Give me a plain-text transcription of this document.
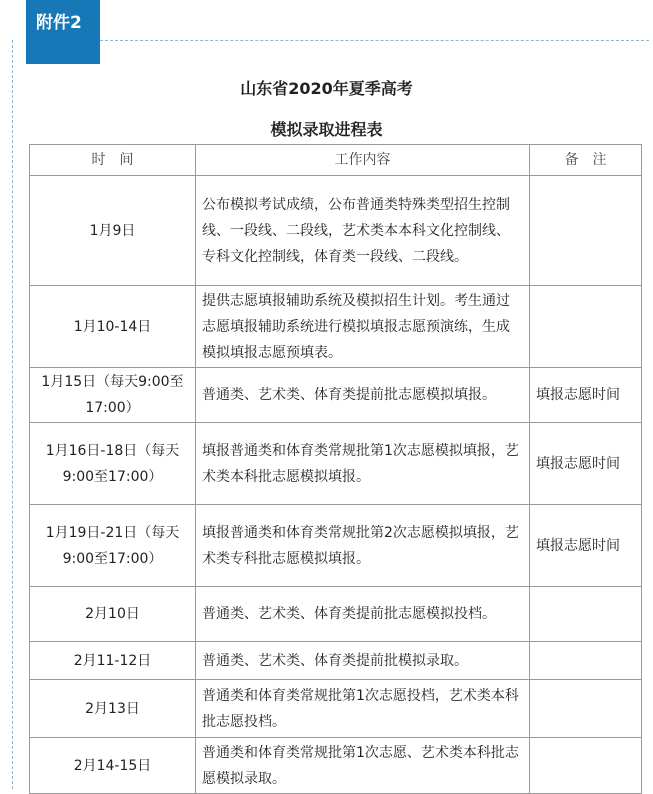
附件2
山东省2020年夏季高考
模拟录取进程表
时　间	工作内容	备　注
1月9日	公布模拟考试成绩，公布普通类特殊类型招生控制线、一段线、二段线，艺术类本本科文化控制线、专科文化控制线，体育类一段线、二段线。	
1月10-14日	提供志愿填报辅助系统及模拟招生计划。考生通过志愿填报辅助系统进行模拟填报志愿预演练，生成模拟填报志愿预填表。	
1月15日（每天9:00至17:00）	普通类、艺术类、体育类提前批志愿模拟填报。	填报志愿时间
1月16日-18日（每天9:00至17:00）	填报普通类和体育类常规批第1次志愿模拟填报，艺术类本科批志愿模拟填报。	填报志愿时间
1月19日-21日（每天9:00至17:00）	填报普通类和体育类常规批第2次志愿模拟填报，艺术类专科批志愿模拟填报。	填报志愿时间
2月10日	普通类、艺术类、体育类提前批志愿模拟投档。	
2月11-12日	普通类、艺术类、体育类提前批模拟录取。	
2月13日	普通类和体育类常规批第1次志愿投档，艺术类本科批志愿投档。	
2月14-15日	普通类和体育类常规批第1次志愿、艺术类本科批志愿模拟录取。	
